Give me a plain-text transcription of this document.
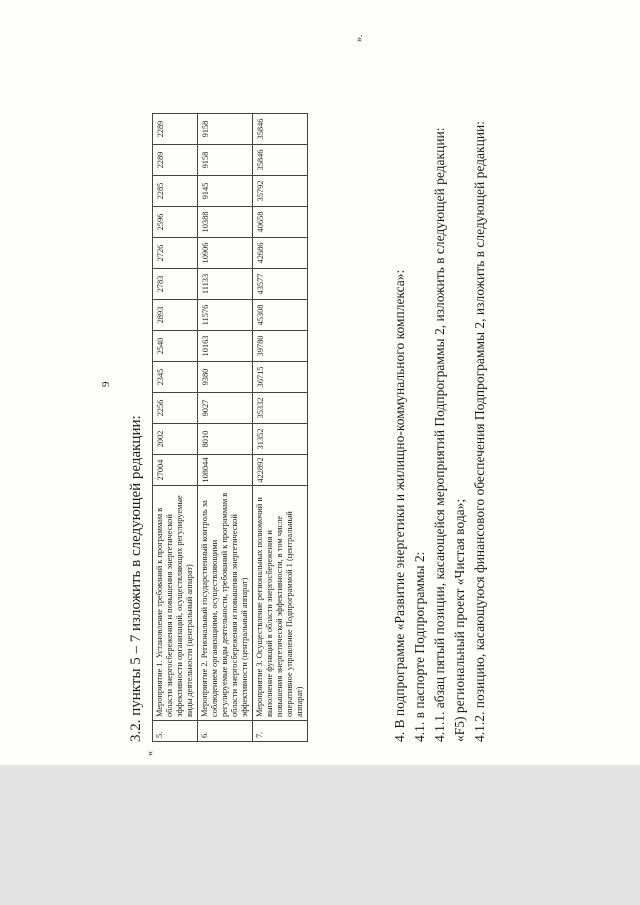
9
3.2. пункты 5 – 7 изложить в следующей редакции:
«
5.	Мероприятие 1. Установление требований к программам в области энергосбережения и повышения энергетической эффективности организаций, осуществляющих регулируемые виды деятельности (центральный аппарат)	27004	2002	2256	2345	2540	2893	2783	2726	2596	2285	2289	2289
6.	Мероприятие 2. Региональный государственный контроль за соблюдением организациями, осуществляющими регулируемые виды деятельности, требований к программам в области энергосбережения и повышения энергетической эффективности (центральный аппарат)	108044	8010	9027	9380	10163	11576	11133	10906	10388	9145	9158	9158
7.	Мероприятие 3. Осуществление региональных полномочий и выполнение функций в области энергосбережения и повышения энергетической эффективности, в том числе оперативное управление Подпрограммой 1 (центральный аппарат)	422892	31352	35332	36715	39780	45308	43577	42686	40658	35792	35846	35846
».
4. В подпрограмме «Развитие энергетики и жилищно-коммунального комплекса»: 4.1. в паспорте Подпрограммы 2: 4.1.1. абзац пятый позиции, касающейся мероприятий Подпрограммы 2, изложить в следующей редакции: «F5) региональный проект «Чистая вода»; 4.1.2. позицию, касающуюся финансового обеспечения Подпрограммы 2, изложить в следующей редакции:
